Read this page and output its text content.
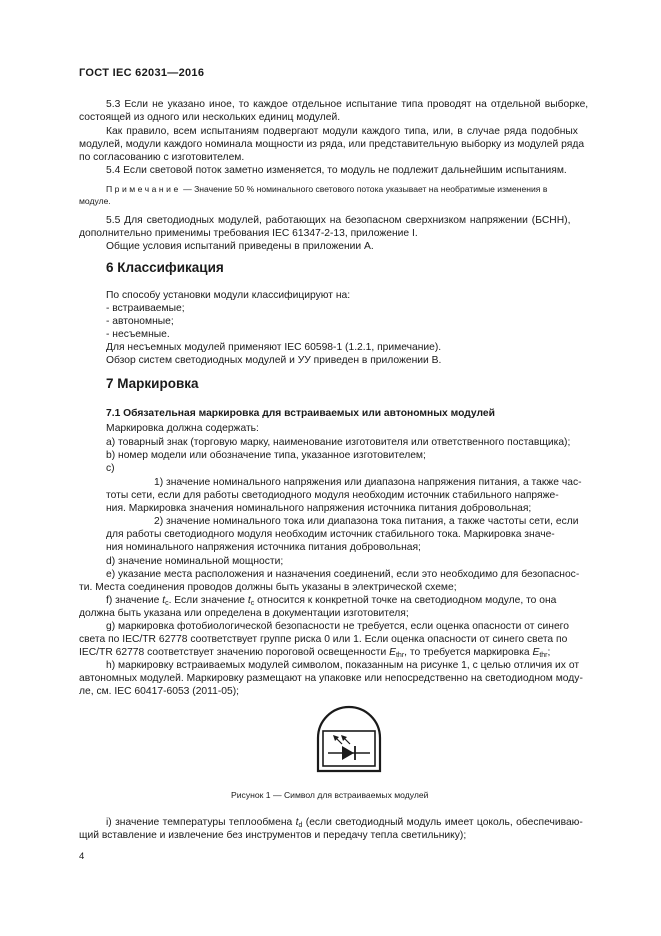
ГОСТ IEC 62031—2016
5.3 Если не указано иное, то каждое отдельное испытание типа проводят на отдельной выборке,
состоящей из одного или нескольких единиц модулей.
Как правило, всем испытаниям подвергают модули каждого типа, или, в случае ряда подобных
модулей, модули каждого номинала мощности из ряда, или представительную выборку из модулей ряда
по согласованию с изготовителем.
5.4 Если световой поток заметно изменяется, то модуль не подлежит дальнейшим испытаниям.
Примечание — Значение 50 % номинального светового потока указывает на необратимые изменения в
модуле.
5.5 Для светодиодных модулей, работающих на безопасном сверхнизком напряжении (БСНН),
дополнительно применимы требования IEC 61347-2-13, приложение I.
Общие условия испытаний приведены в приложении А.
6 Классификация
По способу установки модули классифицируют на:
- встраиваемые;
- автономные;
- несъемные.
Для несъемных модулей применяют IEC 60598-1 (1.2.1, примечание).
Обзор систем светодиодных модулей и УУ приведен в приложении В.
7 Маркировка
7.1 Обязательная маркировка для встраиваемых или автономных модулей
Маркировка должна содержать:
a) товарный знак (торговую марку, наименование изготовителя или ответственного поставщика);
b) номер модели или обозначение типа, указанное изготовителем;
c)
1) значение номинального напряжения или диапазона напряжения питания, а также час-
тоты сети, если для работы светодиодного модуля необходим источник стабильного напряже-
ния. Маркировка значения номинального напряжения источника питания добровольная;
2) значение номинального тока или диапазона тока питания, а также частоты сети, если
для работы светодиодного модуля необходим источник стабильного тока. Маркировка значе-
ния номинального напряжения источника питания добровольная;
d) значение номинальной мощности;
e) указание места расположения и назначения соединений, если это необходимо для безопаснос-
ти. Места соединения проводов должны быть указаны в электрической схеме;
f) значение $t_c$. Если значение $t_c$ относится к конкретной точке на светодиодном модуле, то она
должна быть указана или определена в документации изготовителя;
g) маркировка фотобиологической безопасности не требуется, если оценка опасности от синего
света по IEC/TR 62778 соответствует группе риска 0 или 1. Если оценка опасности от синего света по
IEC/TR 62778 соответствует значению пороговой освещенности $E_{thr}$, то требуется маркировка $E_{thr}$;
h) маркировку встраиваемых модулей символом, показанным на рисунке 1, с целью отличия их от
автономных модулей. Маркировку размещают на упаковке или непосредственно на светодиодном моду-
ле, см. IEC 60417-6053 (2011-05);
Рисунок 1 — Символ для встраиваемых модулей
i) значение температуры теплообмена $t_d$ (если светодиодный модуль имеет цоколь, обеспечиваю-
щий вставление и извлечение без инструментов и передачу тепла светильнику);
4
